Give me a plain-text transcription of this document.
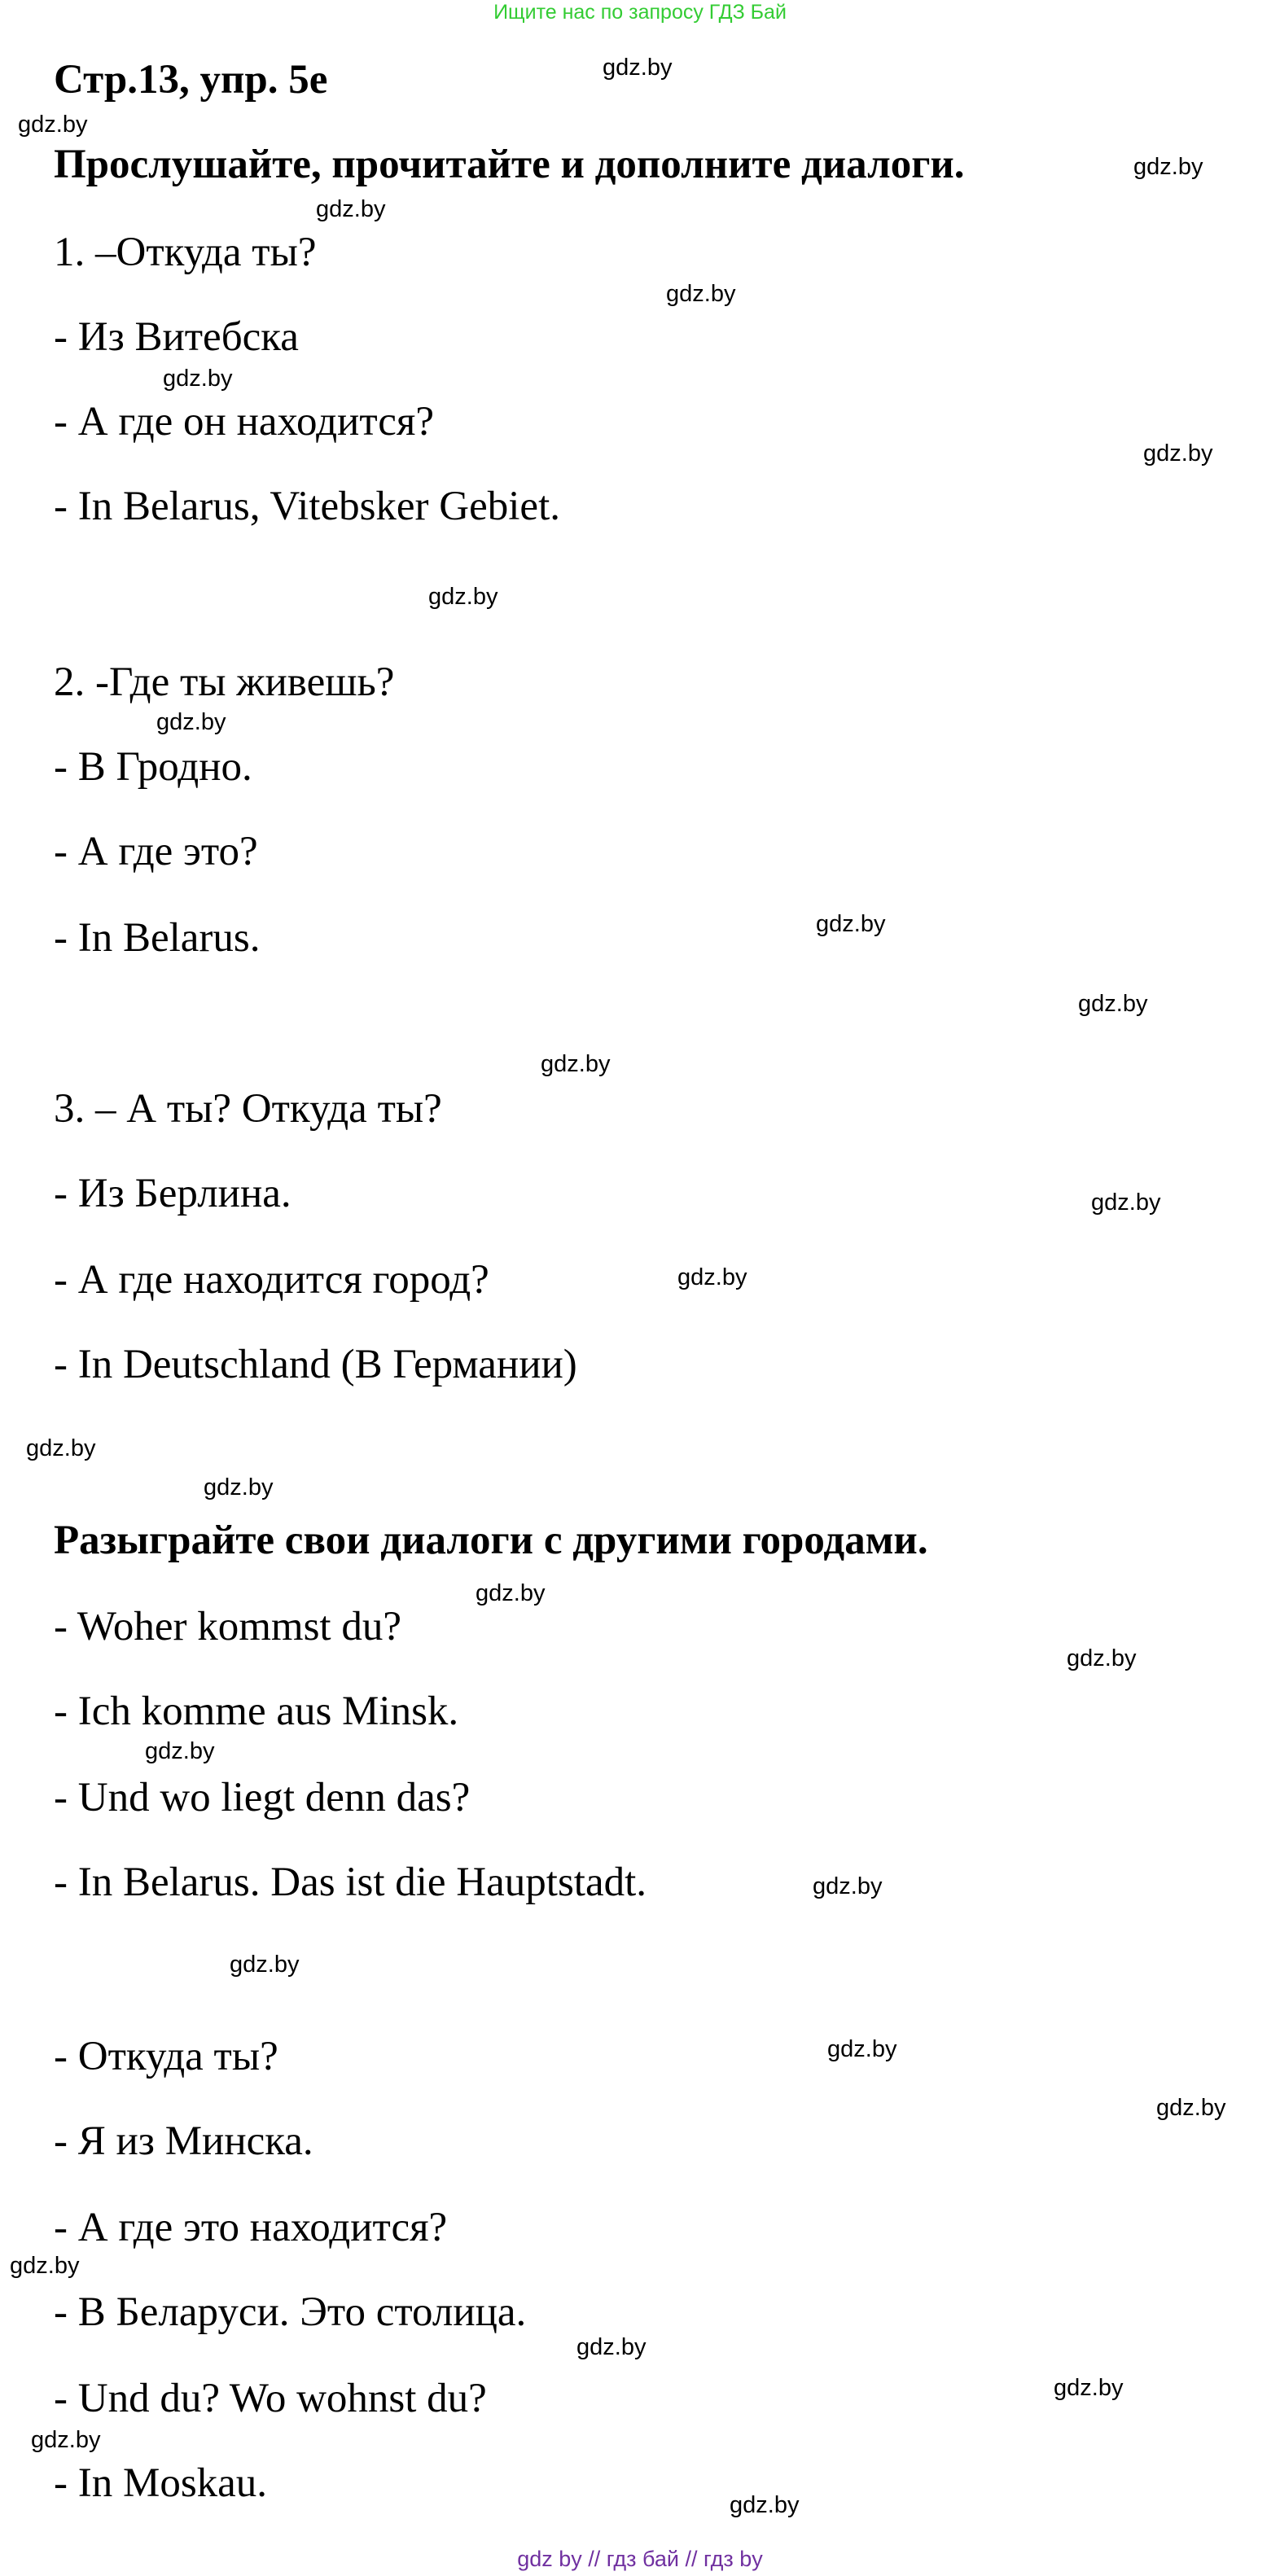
Ищите нас по запросу ГДЗ Бай
Стр.13, упр. 5е
Прослушайте, прочитайте и дополните диалоги.
1. –Откуда ты?
- Из Витебска
- А где он находится?
- In Belarus, Vitebsker Gebiet.
2. -Где ты живешь?
- В Гродно.
- А где это?
- In Belarus.
3. – А ты? Откуда ты?
- Из Берлина.
- А где находится город?
- In Deutschland (В Германии)
Разыграйте свои диалоги с другими городами.
- Woher kommst du?
- Ich komme aus Minsk.
- Und wo liegt denn das?
- In Belarus. Das ist die Hauptstadt.
- Откуда ты?
- Я из Минска.
- А где это находится?
- В Беларуси. Это столица.
- Und du? Wo wohnst du?
- In Moskau.
gdz.by
gdz.by
gdz.by
gdz.by
gdz.by
gdz.by
gdz.by
gdz.by
gdz.by
gdz.by
gdz.by
gdz.by
gdz.by
gdz.by
gdz.by
gdz.by
gdz.by
gdz.by
gdz.by
gdz.by
gdz.by
gdz.by
gdz.by
gdz.by
gdz.by
gdz.by
gdz.by
gdz.by
gdz by // гдз бай // гдз by
